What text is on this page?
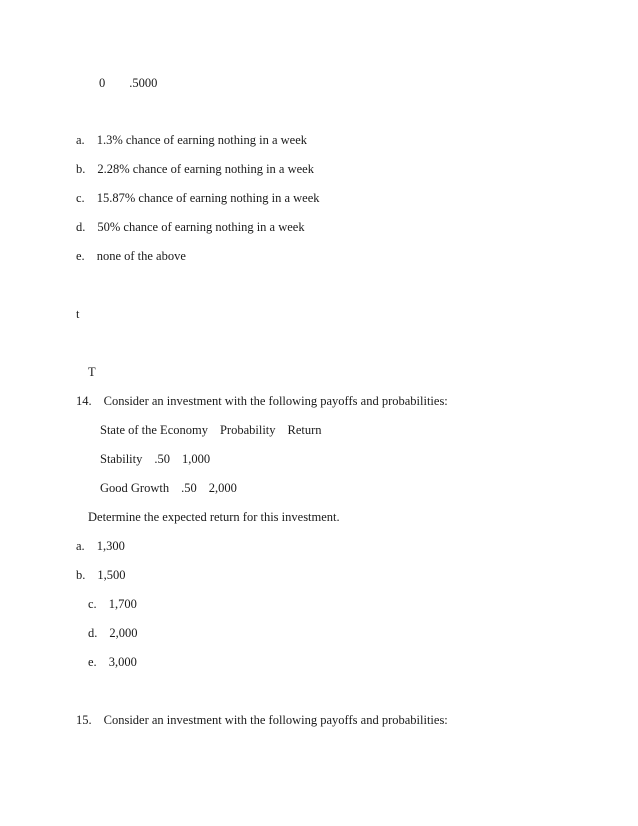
0 .5000
a. 1.3% chance of earning nothing in a week
b. 2.28% chance of earning nothing in a week
c. 15.87% chance of earning nothing in a week
d. 50% chance of earning nothing in a week
e. none of the above
t
T
14. Consider an investment with the following payoffs and probabilities:
State of the Economy Probability Return
Stability .50 1,000
Good Growth .50 2,000
Determine the expected return for this investment.
a. 1,300
b. 1,500
c. 1,700
d. 2,000
e. 3,000
15. Consider an investment with the following payoffs and probabilities:
